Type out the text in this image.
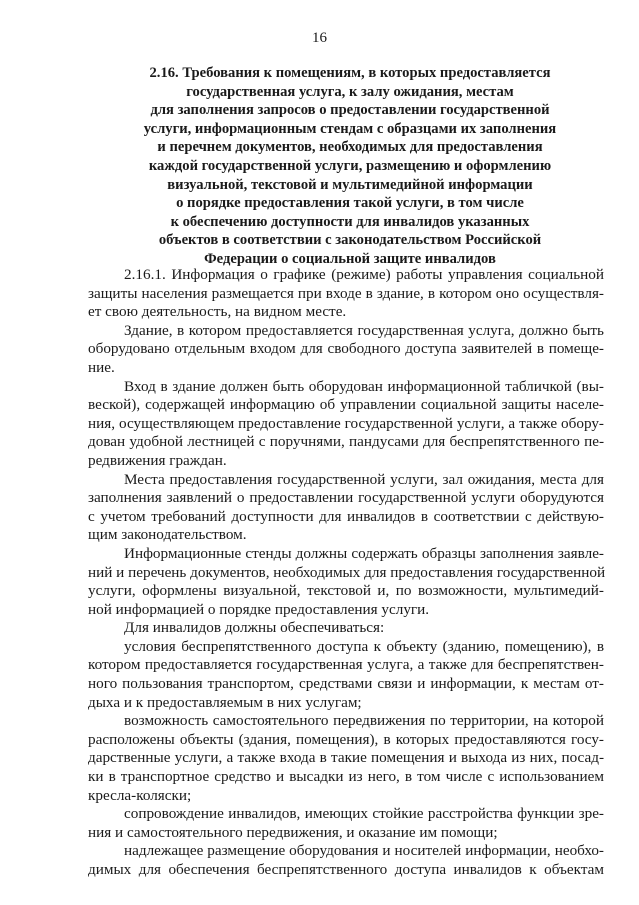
16
2.16. Требования к помещениям, в которых предоставляется
государственная услуга, к залу ожидания, местам
для заполнения запросов о предоставлении государственной
услуги, информационным стендам с образцами их заполнения
и перечнем документов, необходимых для предоставления
каждой государственной услуги, размещению и оформлению
визуальной, текстовой и мультимедийной информации
о порядке предоставления такой услуги, в том числе
к обеспечению доступности для инвалидов указанных
объектов в соответствии с законодательством Российской
Федерации о социальной защите инвалидов
2.16.1. Информация о графике (режиме) работы управления социальной
защиты населения размещается при входе в здание, в котором оно осуществля-
ет свою деятельность, на видном месте.
Здание, в котором предоставляется государственная услуга, должно быть
оборудовано отдельным входом для свободного доступа заявителей в помеще-
ние.
Вход в здание должен быть оборудован информационной табличкой (вы-
веской), содержащей информацию об управлении социальной защиты населе-
ния, осуществляющем предоставление государственной услуги, а также обору-
дован удобной лестницей с поручнями, пандусами для беспрепятственного пе-
редвижения граждан.
Места предоставления государственной услуги, зал ожидания, места для
заполнения заявлений о предоставлении государственной услуги оборудуются
с учетом требований доступности для инвалидов в соответствии с действую-
щим законодательством.
Информационные стенды должны содержать образцы заполнения заявле-
ний и перечень документов, необходимых для предоставления государственной
услуги, оформлены визуальной, текстовой и, по возможности, мультимедий-
ной информацией о порядке предоставления услуги.
Для инвалидов должны обеспечиваться:
условия беспрепятственного доступа к объекту (зданию, помещению), в
котором предоставляется государственная услуга, а также для беспрепятствен-
ного пользования транспортом, средствами связи и информации, к местам от-
дыха и к предоставляемым в них услугам;
возможность самостоятельного передвижения по территории, на которой
расположены объекты (здания, помещения), в которых предоставляются госу-
дарственные услуги, а также входа в такие помещения и выхода из них, посад-
ки в транспортное средство и высадки из него, в том числе с использованием
кресла-коляски;
сопровождение инвалидов, имеющих стойкие расстройства функции зре-
ния и самостоятельного передвижения, и оказание им помощи;
надлежащее размещение оборудования и носителей информации, необхо-
димых для обеспечения беспрепятственного доступа инвалидов к объектам
